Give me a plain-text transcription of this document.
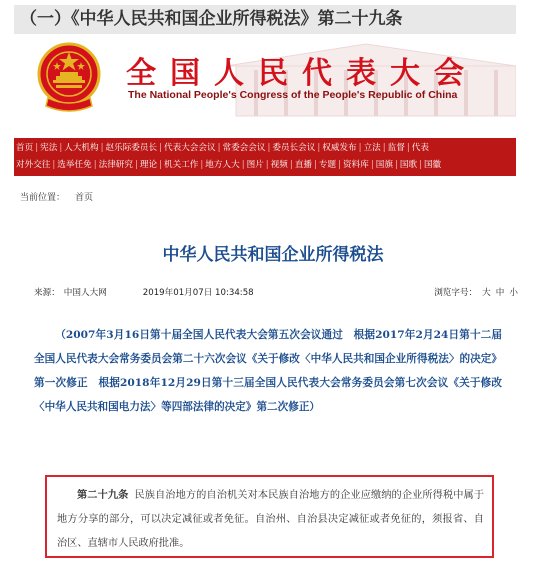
（一）《中华人民共和国企业所得税法》第二十九条
全国人民代表大会
The National People's Congress of the People's Republic of China
首页 | 宪法 | 人大机构 | 赵乐际委员长 | 代表大会会议 | 常委会会议 | 委员长会议 | 权威发布 | 立法 | 监督 | 代表
对外交往 | 选举任免 | 法律研究 | 理论 | 机关工作 | 地方人大 | 图片 | 视频 | 直播 | 专题 | 资料库 | 国旗 | 国歌 | 国徽
当前位置： 首页
中华人民共和国企业所得税法
来源： 中国人大网	2019年01月07日 10:34:58	浏览字号： 大 中 小
（2007年3月16日第十届全国人民代表大会第五次会议通过　根据2017年2月24日第十二届全国人民代表大会常务委员会第二十六次会议《关于修改〈中华人民共和国企业所得税法〉的决定》第一次修正　根据2018年12月29日第十三届全国人民代表大会常务委员会第七次会议《关于修改〈中华人民共和国电力法〉等四部法律的决定》第二次修正）
第二十九条 民族自治地方的自治机关对本民族自治地方的企业应缴纳的企业所得税中属于地方分享的部分，可以决定减征或者免征。自治州、自治县决定减征或者免征的，须报省、自治区、直辖市人民政府批准。
